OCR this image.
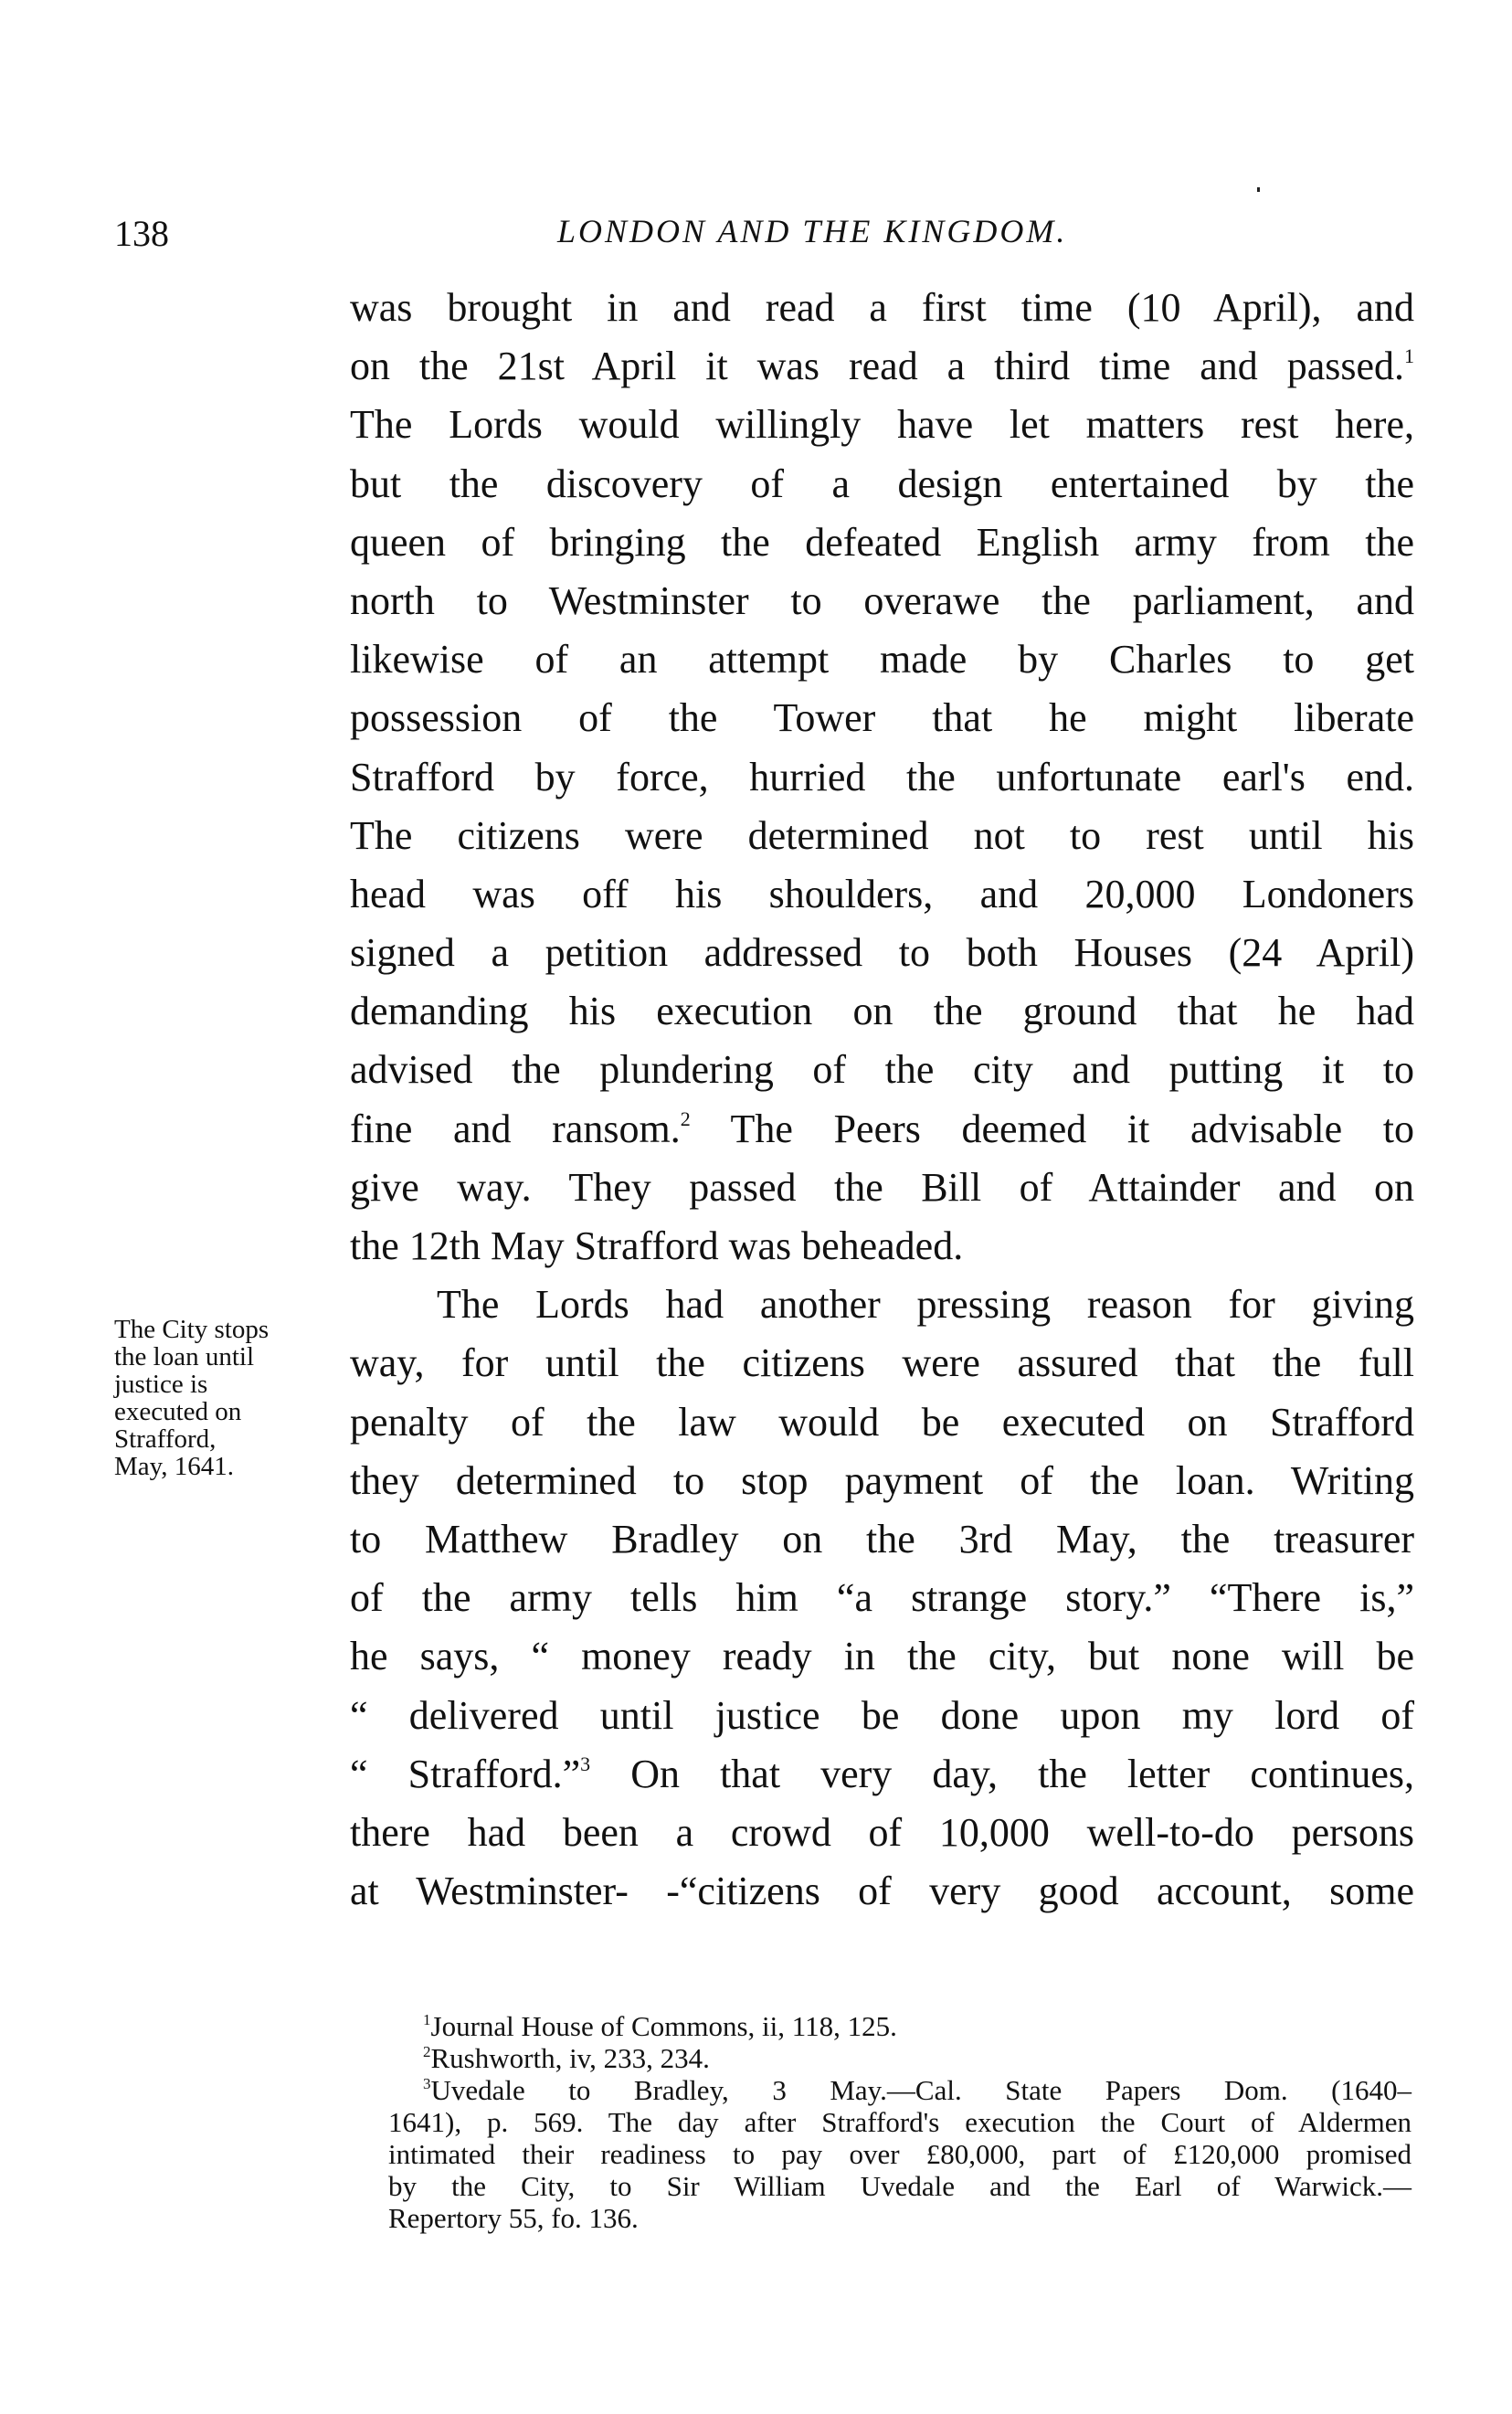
138	LONDON AND THE KINGDOM.
was brought in and read a first time (10 April), and
on the 21st April it was read a third time and passed.$^1$
The Lords would willingly have let matters rest here,
but the discovery of a design entertained by the
queen of bringing the defeated English army from the
north to Westminster to overawe the parliament, and
likewise of an attempt made by Charles to get
possession of the Tower that he might liberate
Strafford by force, hurried the unfortunate earl's end.
The citizens were determined not to rest until his
head was off his shoulders, and 20,000 Londoners
signed a petition addressed to both Houses (24 April)
demanding his execution on the ground that he had
advised the plundering of the city and putting it to
fine and ransom.$^2$ The Peers deemed it advisable to
give way. They passed the Bill of Attainder and on
the 12th May Strafford was beheaded.
The Lords had another pressing reason for giving
way, for until the citizens were assured that the full
penalty of the law would be executed on Strafford
they determined to stop payment of the loan. Writing
to Matthew Bradley on the 3rd May, the treasurer
of the army tells him “a strange story.” “There is,”
he says, “ money ready in the city, but none will be
“ delivered until justice be done upon my lord of
“ Strafford.”$^3$ On that very day, the letter continues,
there had been a crowd of 10,000 well-to-do persons
at Westminster- -“citizens of very good account, some
The City stops
the loan until
justice is
executed on
Strafford,
May, 1641.
$^1$Journal House of Commons, ii, 118, 125.
$^2$Rushworth, iv, 233, 234.
$^3$Uvedale to Bradley, 3 May.—Cal. State Papers Dom. (1640–
1641), p. 569. The day after Strafford's execution the Court of Aldermen
intimated their readiness to pay over £80,000, part of £120,000 promised
by the City, to Sir William Uvedale and the Earl of Warwick.—
Repertory 55, fo. 136.
